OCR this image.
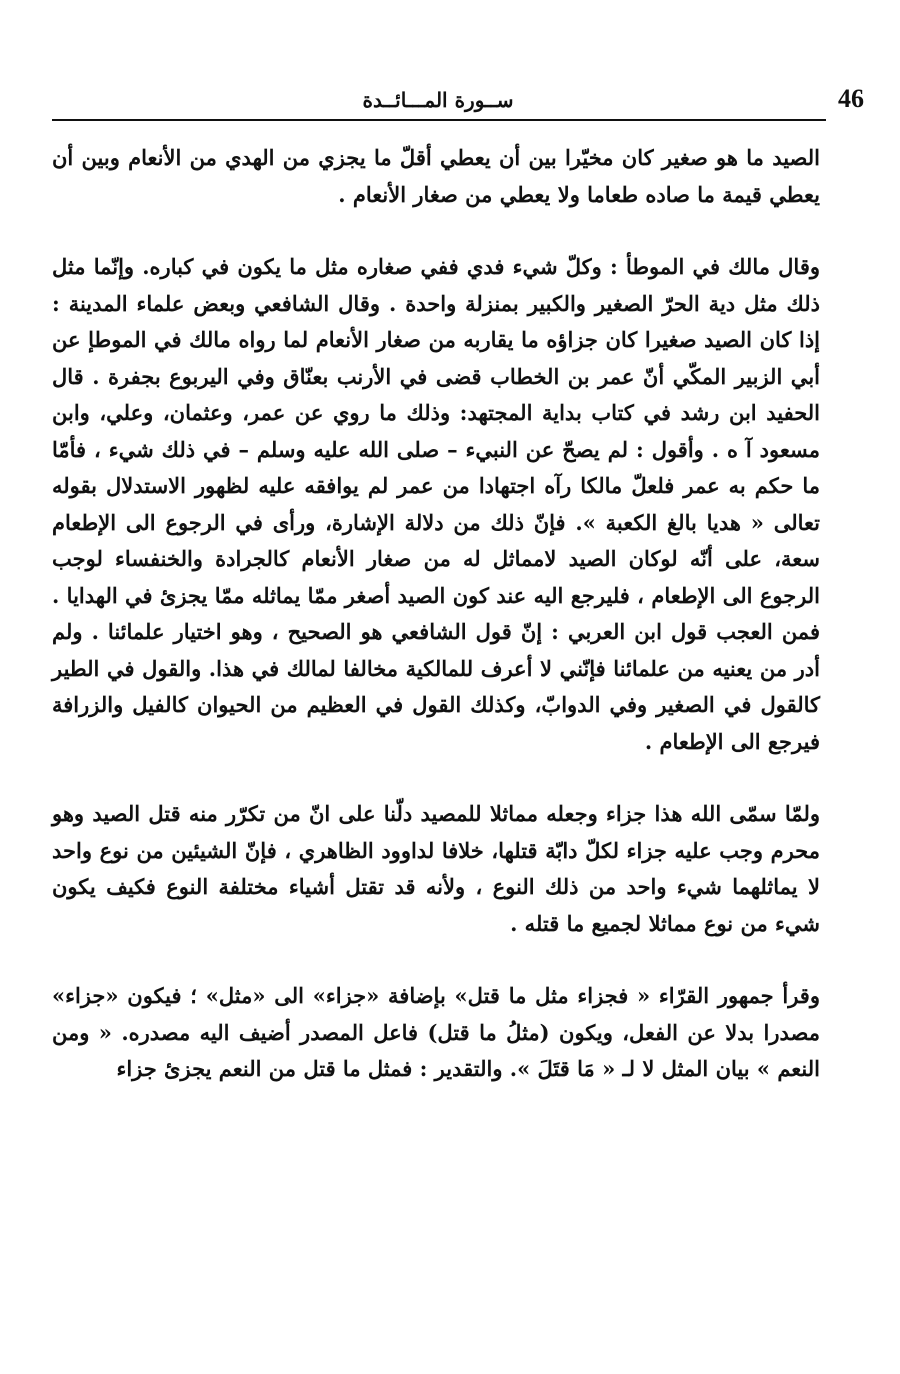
ســورة المـــائــدة	46

الصيد ما هو صغير كان مخيّرا بين أن يعطي أقلّ ما يجزي من الهدي من الأنعام وبين أن يعطي قيمة ما صاده طعاما ولا يعطي من صغار الأنعام .

وقال مالك في الموطأ : وكلّ شيء فدي ففي صغاره مثل ما يكون في كباره. وإنّما مثل ذلك مثل دية الحرّ الصغير والكبير بمنزلة واحدة . وقال الشافعي وبعض علماء المدينة : إذا كان الصيد صغيرا كان جزاؤه ما يقاربه من صغار الأنعام لما رواه مالك في الموطإ عن أبي الزبير المكّي أنّ عمر بن الخطاب قضى في الأرنب بعنّاق وفي اليربوع بجفرة . قال الحفيد ابن رشد في كتاب بداية المجتهد: وذلك ما روي عن عمر، وعثمان، وعلي، وابن مسعود آ ه . وأقول : لم يصحّ عن النبيء – صلى الله عليه وسلم – في ذلك شيء ، فأمّا ما حكم به عمر فلعلّ مالكا رآه اجتهادا من عمر لم يوافقه عليه لظهور الاستدلال بقوله تعالى « هديا بالغ الكعبة ». فإنّ ذلك من دلالة الإشارة، ورأى في الرجوع الى الإطعام سعة، على أنّه لوكان الصيد لامماثل له من صغار الأنعام كالجرادة والخنفساء لوجب الرجوع الى الإطعام ، فليرجع اليه عند كون الصيد أصغر ممّا يماثله ممّا يجزئ في الهدايا . فمن العجب قول ابن العربي : إنّ قول الشافعي هو الصحيح ، وهو اختيار علمائنا . ولم أدر من يعنيه من علمائنا فإنّني لا أعرف للمالكية مخالفا لمالك في هذا. والقول في الطير كالقول في الصغير وفي الدوابّ، وكذلك القول في العظيم من الحيوان كالفيل والزرافة فيرجع الى الإطعام .

ولمّا سمّى الله هذا جزاء وجعله مماثلا للمصيد دلّنا على انّ من تكرّر منه قتل الصيد وهو محرم وجب عليه جزاء لكلّ دابّة قتلها، خلافا لداوود الظاهري ، فإنّ الشيئين من نوع واحد لا يماثلهما شيء واحد من ذلك النوع ، ولأنه قد تقتل أشياء مختلفة النوع فكيف يكون شيء من نوع مماثلا لجميع ما قتله .

وقرأ جمهور القرّاء « فجزاء مثل ما قتل» بإضافة «جزاء» الى «مثل» ؛ فيكون «جزاء» مصدرا بدلا عن الفعل، ويكون (مثلُ ما قتل) فاعل المصدر أضيف اليه مصدره. « ومن النعم » بيان المثل لا لـ « مَا قتَلَ ». والتقدير : فمثل ما قتل من النعم يجزئ جزاء
